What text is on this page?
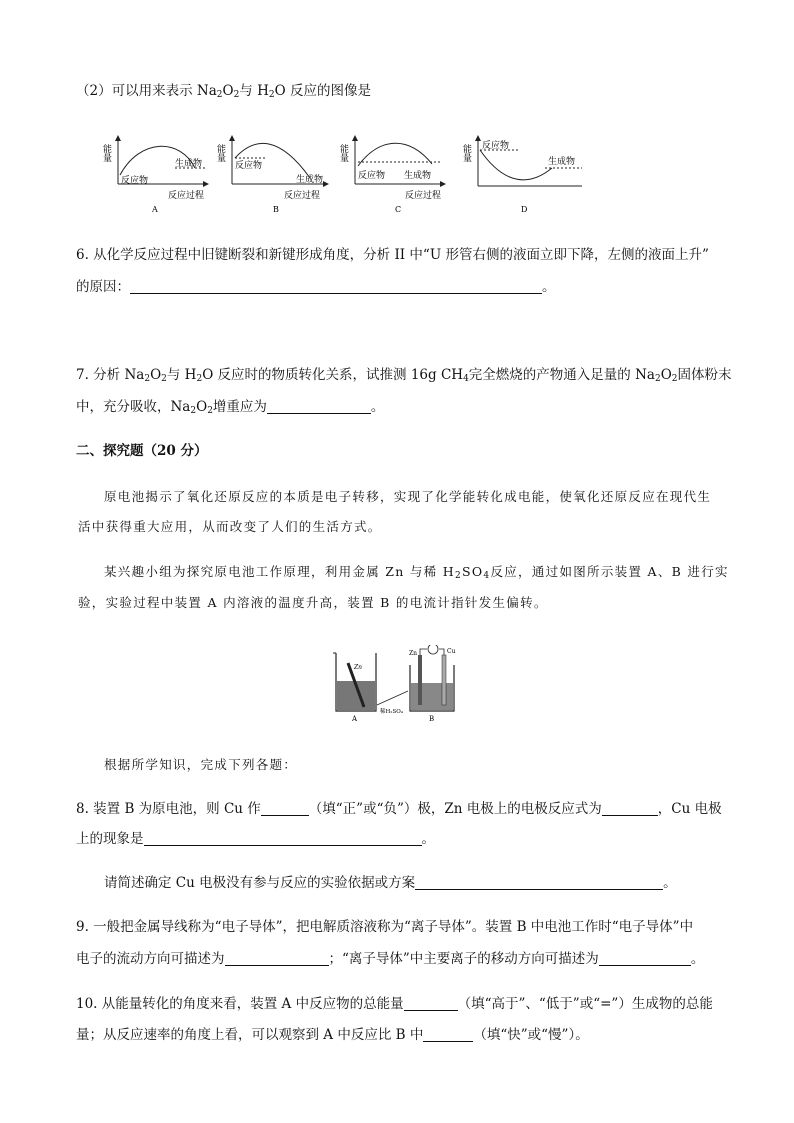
（2）可以用来表示 $Na_2O_2$与 $H_2O$ 反应的图像是
能量
反应物
生成物
反应过程
A
能量
反应物
生成物
反应过程
B
能量
反应物 生成物
反应过程
C
能量 反应物
生成物
D
6. 从化学反应过程中旧键断裂和新键形成角度，分析 II 中“U 形管右侧的液面立即下降，左侧的液面上升”
的原因：	。
7. 分析 $Na_2O_2$与 $H_2O$ 反应时的物质转化关系，试推测 16g $CH_4$完全燃烧的产物通入足量的 $Na_2O_2$固体粉末
中，充分吸收，$Na_2O_2$增重应为	。
二、探究题（20 分）
原电池揭示了氧化还原反应的本质是电子转移，实现了化学能转化成电能，使氧化还原反应在现代生
活中获得重大应用，从而改变了人们的生活方式。
某兴趣小组为探究原电池工作原理，利用金属 Zn 与稀 $H_2SO_4$反应，通过如图所示装置 A、B 进行实
验，实验过程中装置 A 内溶液的温度升高，装置 B 的电流计指针发生偏转。
Zn
A
稀H₂SO₄
Zn	Cu
B
根据所学知识，完成下列各题：
8. 装置 B 为原电池，则 Cu 作	（填“正”或“负”）极，Zn 电极上的电极反应式为	，Cu 电极
上的现象是	。
请简述确定 Cu 电极没有参与反应的实验依据或方案	。
9. 一般把金属导线称为“电子导体”，把电解质溶液称为“离子导体”。装置 B 中电池工作时“电子导体”中
电子的流动方向可描述为	；“离子导体”中主要离子的移动方向可描述为	。
10. 从能量转化的角度来看，装置 A 中反应物的总能量	（填“高于”、“低于”或“=”）生成物的总能
量；从反应速率的角度上看，可以观察到 A 中反应比 B 中	（填“快”或“慢”）。
